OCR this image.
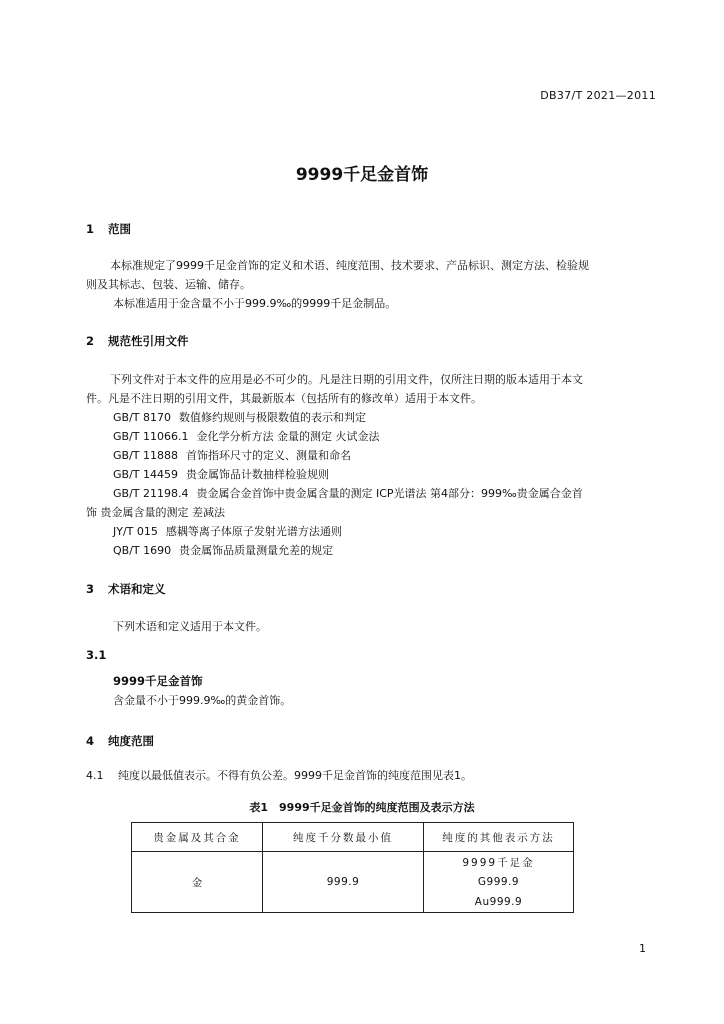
DB37/T 2021—2011
9999千足金首饰
1 范围
本标准规定了9999千足金首饰的定义和术语、纯度范围、技术要求、产品标识、测定方法、检验规
则及其标志、包装、运输、储存。
本标准适用于金含量不小于999.9‰的9999千足金制品。
2 规范性引用文件
下列文件对于本文件的应用是必不可少的。凡是注日期的引用文件，仅所注日期的版本适用于本文
件。凡是不注日期的引用文件，其最新版本（包括所有的修改单）适用于本文件。
GB/T 8170 数值修约规则与极限数值的表示和判定
GB/T 11066.1 金化学分析方法 金量的测定 火试金法
GB/T 11888 首饰指环尺寸的定义、测量和命名
GB/T 14459 贵金属饰品计数抽样检验规则
GB/T 21198.4 贵金属合金首饰中贵金属含量的测定 ICP光谱法 第4部分：999‰贵金属合金首
饰 贵金属含量的测定 差减法
JY/T 015 感耦等离子体原子发射光谱方法通则
QB/T 1690 贵金属饰品质量测量允差的规定
3 术语和定义
下列术语和定义适用于本文件。
3.1
9999千足金首饰
含金量不小于999.9‰的黄金首饰。
4 纯度范围
4.1 纯度以最低值表示。不得有负公差。9999千足金首饰的纯度范围见表1。
表1　9999千足金首饰的纯度范围及表示方法
贵金属及其合金	纯度千分数最小值	纯度的其他表示方法
金	999.9	9999千足金
		G999.9
		Au999.9
1
